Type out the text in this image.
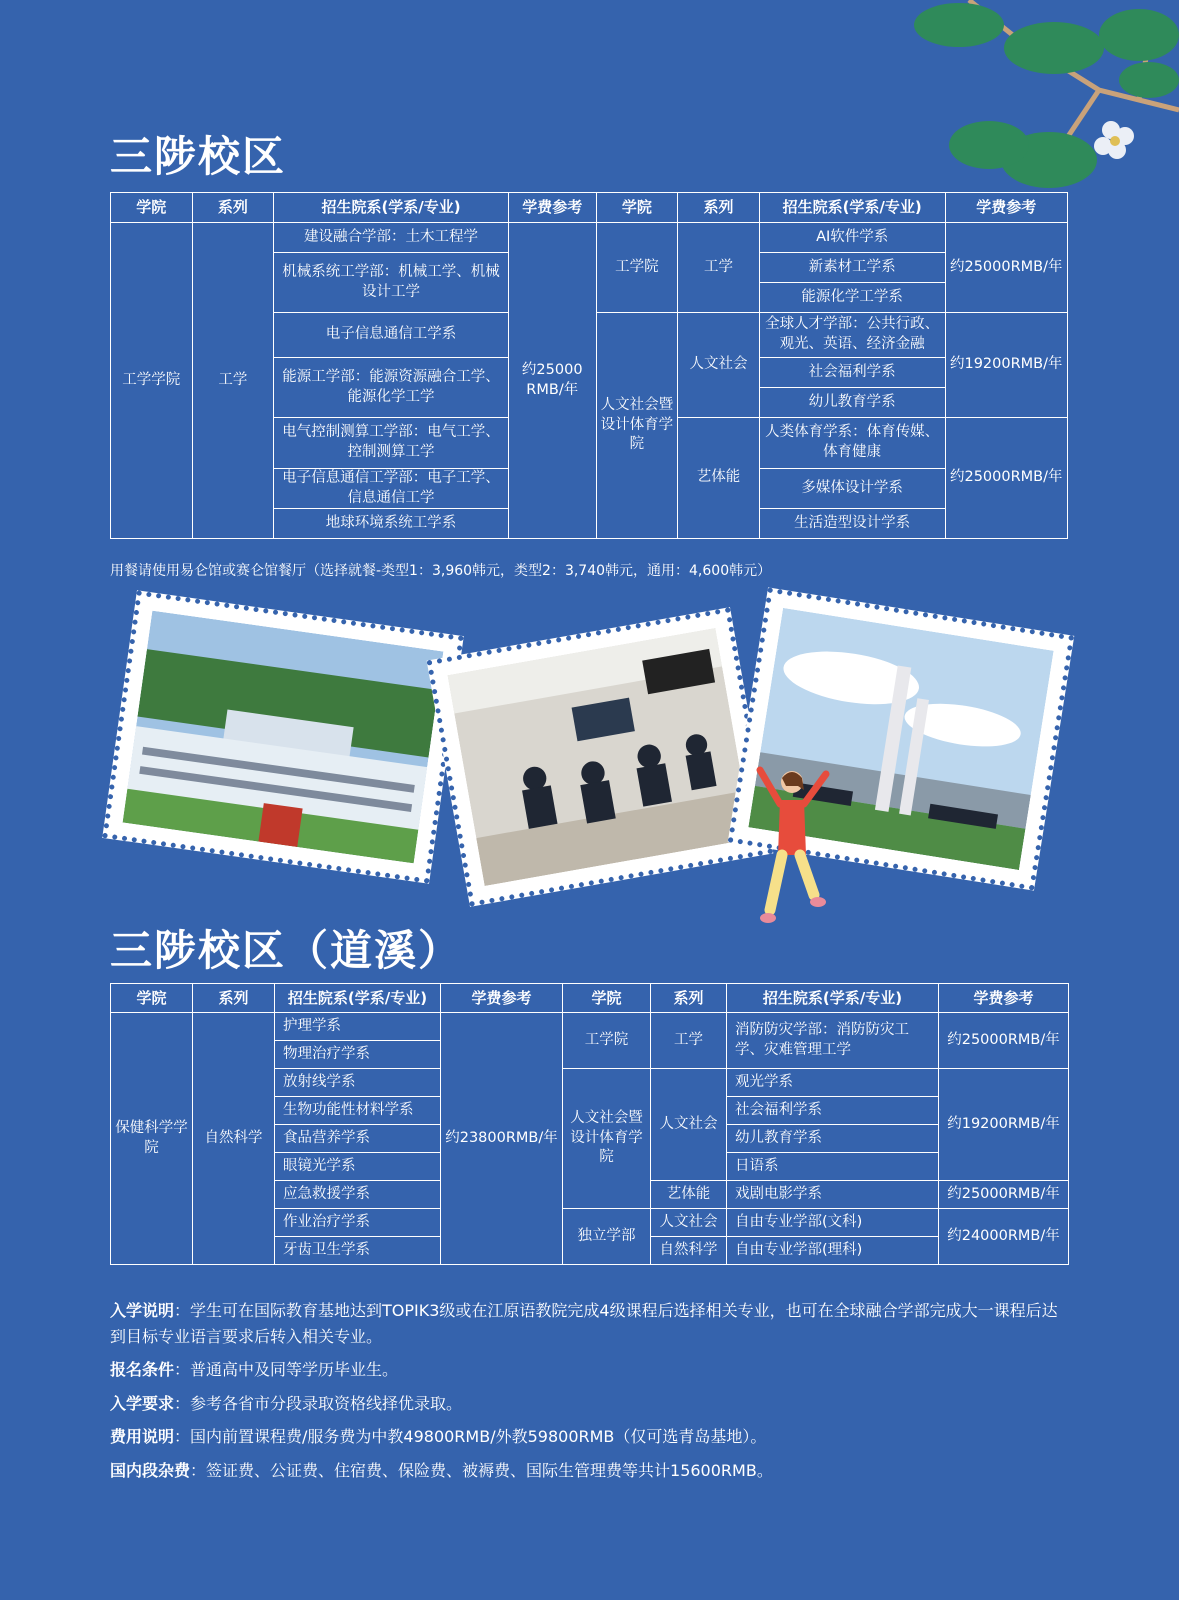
三陟校区
学院	系列	招生院系(学系/专业)	学费参考	学院	系列	招生院系(学系/专业)	学费参考
工学学院	工学	建设融合学部：土木工程学	约25000 RMB/年	工学院	工学	AI软件学系	约25000RMB/年
		机械系统工学部：机械工学、机械设计工学				新素材工学系	
						能源化学工学系	
		电子信息通信工学系		人文社会暨设计体育学院	人文社会	全球人才学部：公共行政、观光、英语、经济金融	约19200RMB/年
		能源工学部：能源资源融合工学、能源化学工学				社会福利学系	
						幼儿教育学系	
		电气控制测算工学部：电气工学、控制测算工学			艺体能	人类体育学系：体育传媒、体育健康	约25000RMB/年
		电子信息通信工学部：电子工学、信息通信工学				多媒体设计学系	

		地球环境系统工学系				生活造型设计学系	

用餐请使用易仑馆或赛仑馆餐厅（选择就餐-类型1：3,960韩元，类型2：3,740韩元，通用：4,600韩元）

三陟校区（道溪）
学院	系列	招生院系(学系/专业)	学费参考	学院	系列	招生院系(学系/专业)	学费参考
保健科学学院	自然科学	护理学系	约23800RMB/年	工学院	工学	消防防灾学部：消防防灾工学、灾难管理工学	约25000RMB/年
		物理治疗学系					
		放射线学系		人文社会暨设计体育学院	人文社会	观光学系	约19200RMB/年
		生物功能性材料学系				社会福利学系	
		食品营养学系				幼儿教育学系	
		眼镜光学系				日语系	
		应急救援学系			艺体能	戏剧电影学系	约25000RMB/年
		作业治疗学系		独立学部	人文社会	自由专业学部(文科)	约24000RMB/年
		牙齿卫生学系			自然科学	自由专业学部(理科)	

入学说明：学生可在国际教育基地达到TOPIK3级或在江原语教院完成4级课程后选择相关专业，也可在全球融合学部完成大一课程后达到目标专业语言要求后转入相关专业。

报名条件：普通高中及同等学历毕业生。

入学要求：参考各省市分段录取资格线择优录取。

费用说明：国内前置课程费/服务费为中教49800RMB/外教59800RMB（仅可选青岛基地）。

国内段杂费：签证费、公证费、住宿费、保险费、被褥费、国际生管理费等共计15600RMB。
